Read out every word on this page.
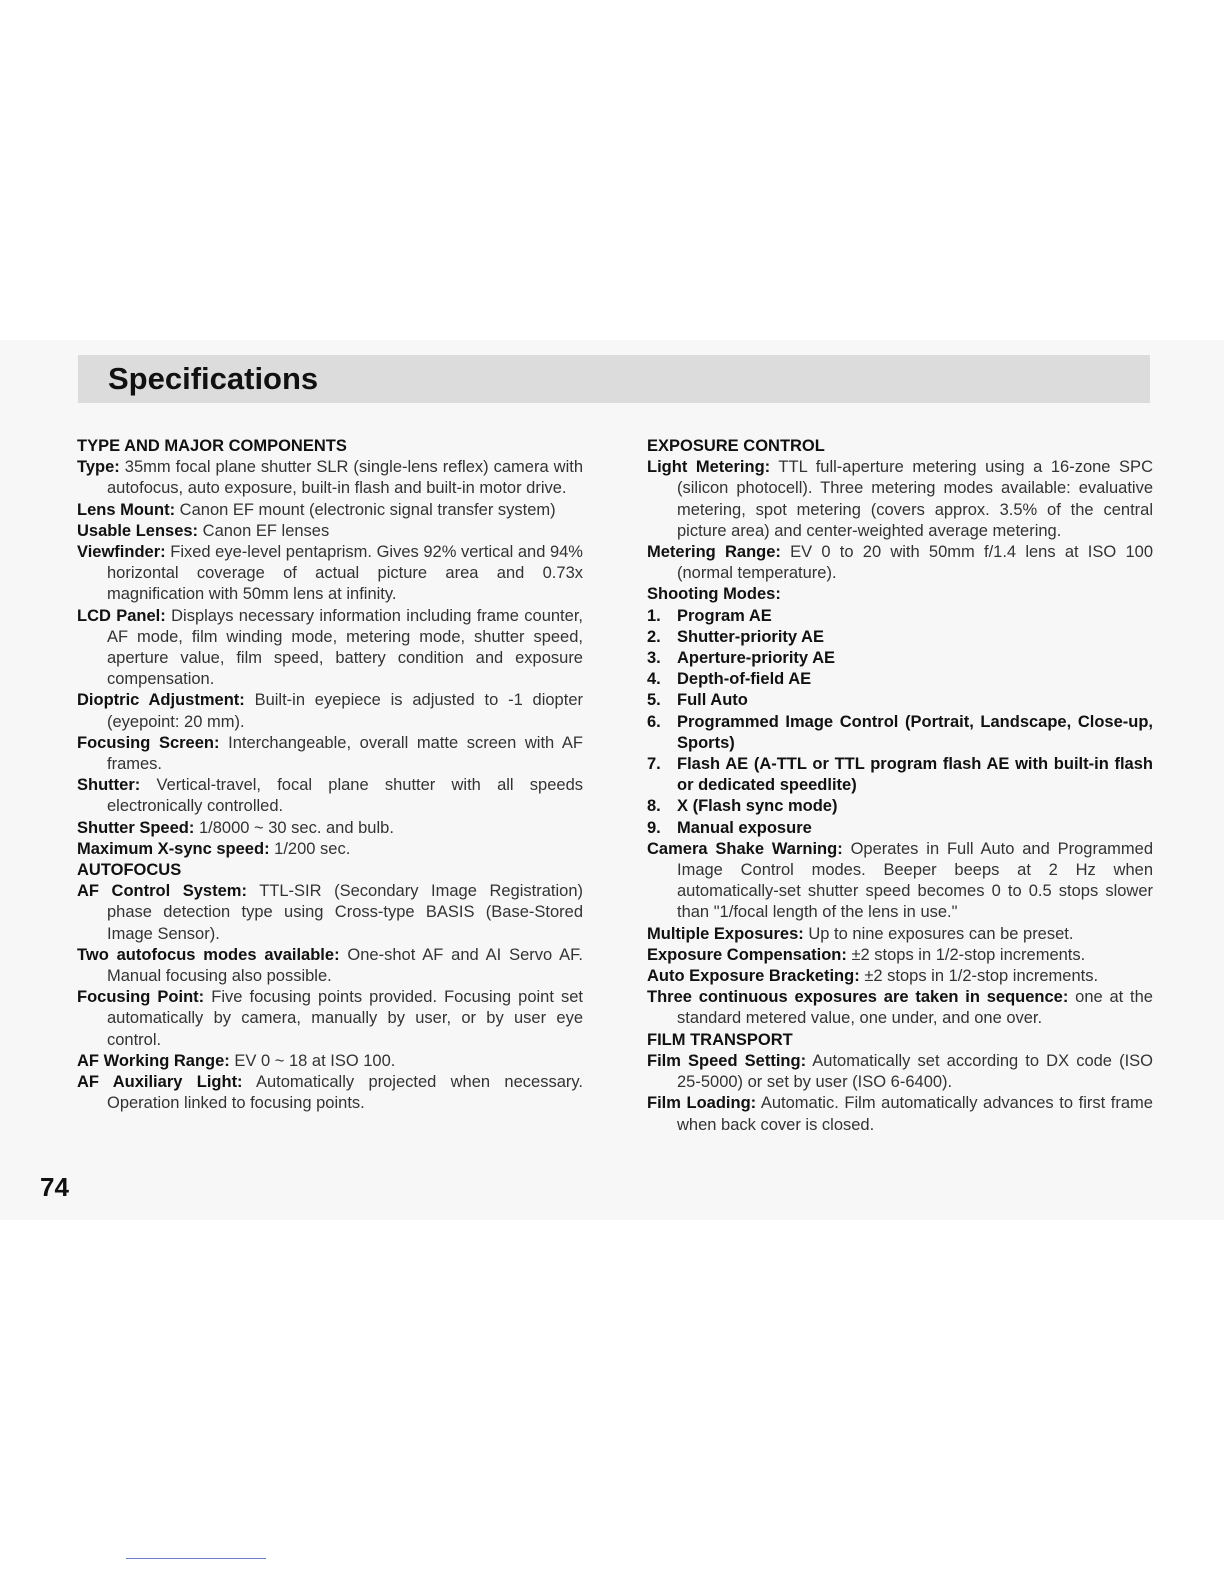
Specifications
TYPE AND MAJOR COMPONENTS
Type: 35mm focal plane shutter SLR (single-lens reflex) camera with autofocus, auto exposure, built-in flash and built-in motor drive.
Lens Mount: Canon EF mount (electronic signal transfer system)
Usable Lenses: Canon EF lenses
Viewfinder: Fixed eye-level pentaprism. Gives 92% vertical and 94% horizontal coverage of actual picture area and 0.73x magnification with 50mm lens at infinity.
LCD Panel: Displays necessary information including frame counter, AF mode, film winding mode, metering mode, shutter speed, aperture value, film speed, battery condition and exposure compensation.
Dioptric Adjustment: Built-in eyepiece is adjusted to -1 diopter (eyepoint: 20 mm).
Focusing Screen: Interchangeable, overall matte screen with AF frames.
Shutter: Vertical-travel, focal plane shutter with all speeds electronically controlled.
Shutter Speed: 1/8000 ~ 30 sec. and bulb.
Maximum X-sync speed: 1/200 sec.
AUTOFOCUS
AF Control System: TTL-SIR (Secondary Image Registration) phase detection type using Cross-type BASIS (Base-Stored Image Sensor).
Two autofocus modes available: One-shot AF and AI Servo AF. Manual focusing also possible.
Focusing Point: Five focusing points provided. Focusing point set automatically by camera, manually by user, or by user eye control.
AF Working Range: EV 0 ~ 18 at ISO 100.
AF Auxiliary Light: Automatically projected when necessary. Operation linked to focusing points.
EXPOSURE CONTROL
Light Metering: TTL full-aperture metering using a 16-zone SPC (silicon photocell). Three metering modes available: evaluative metering, spot metering (covers approx. 3.5% of the central picture area) and center-weighted average metering.
Metering Range: EV 0 to 20 with 50mm f/1.4 lens at ISO 100 (normal temperature).
Shooting Modes:
1. Program AE
2. Shutter-priority AE
3. Aperture-priority AE
4. Depth-of-field AE
5. Full Auto
6. Programmed Image Control (Portrait, Landscape, Close-up, Sports)
7. Flash AE (A-TTL or TTL program flash AE with built-in flash or dedicated speedlite)
8. X (Flash sync mode)
9. Manual exposure
Camera Shake Warning: Operates in Full Auto and Programmed Image Control modes. Beeper beeps at 2 Hz when automatically-set shutter speed becomes 0 to 0.5 stops slower than "1/focal length of the lens in use."
Multiple Exposures: Up to nine exposures can be preset.
Exposure Compensation: ±2 stops in 1/2-stop increments.
Auto Exposure Bracketing: ±2 stops in 1/2-stop increments.
Three continuous exposures are taken in sequence: one at the standard metered value, one under, and one over.
FILM TRANSPORT
Film Speed Setting: Automatically set according to DX code (ISO 25-5000) or set by user (ISO 6-6400).
Film Loading: Automatic. Film automatically advances to first frame when back cover is closed.
74
